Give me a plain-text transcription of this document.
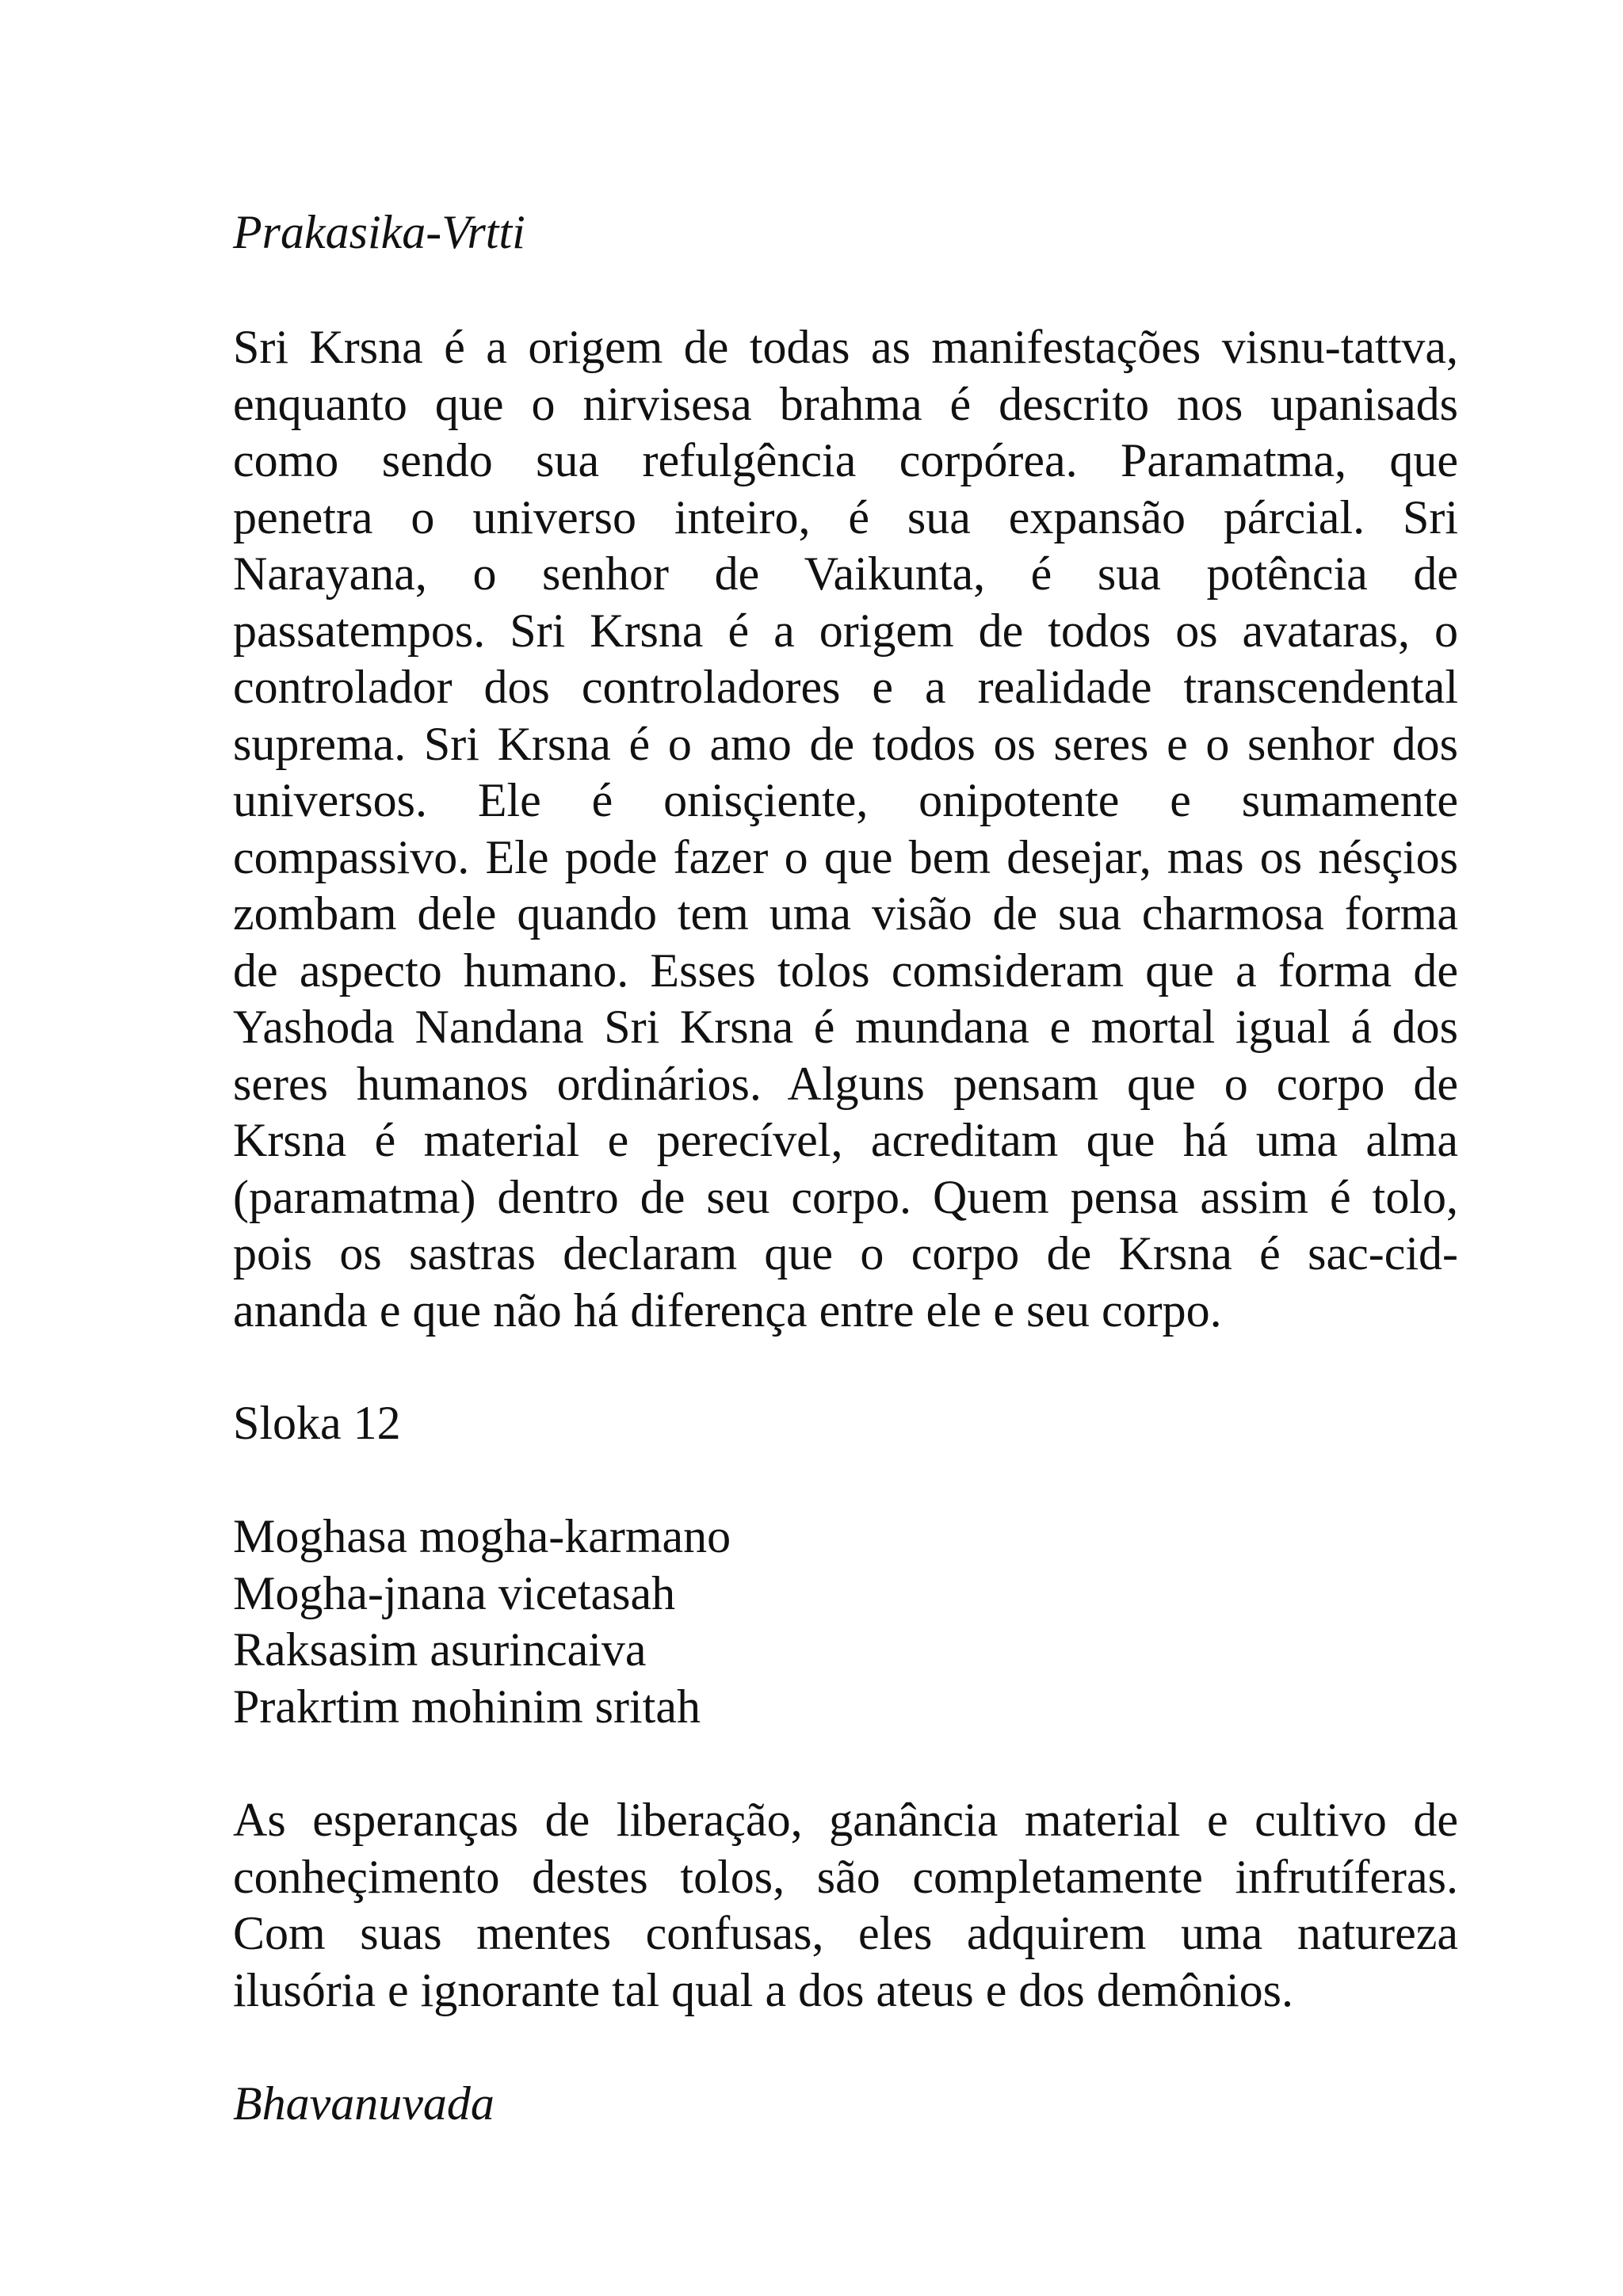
Prakasika-Vrtti

Sri Krsna é a origem de todas as manifestações visnu-tattva,
enquanto que o nirvisesa brahma é descrito nos upanisads
como sendo sua refulgência corpórea. Paramatma, que
penetra o universo inteiro, é sua expansão párcial. Sri
Narayana, o senhor de Vaikunta, é sua potência de
passatempos. Sri Krsna é a origem de todos os avataras, o
controlador dos controladores e a realidade transcendental
suprema. Sri Krsna é o amo de todos os seres e o senhor dos
universos. Ele é onisçiente, onipotente e sumamente
compassivo. Ele pode fazer o que bem desejar, mas os nésçios
zombam dele quando tem uma visão de sua charmosa forma
de aspecto humano. Esses tolos comsideram que a forma de
Yashoda Nandana Sri Krsna é mundana e mortal igual á dos
seres humanos ordinários. Alguns pensam que o corpo de
Krsna é material e perecível, acreditam que há uma alma
(paramatma) dentro de seu corpo. Quem pensa assim é tolo,
pois os sastras declaram que o corpo de Krsna é sac-cid-
ananda e que não há diferença entre ele e seu corpo.

Sloka 12

Moghasa mogha-karmano
Mogha-jnana vicetasah
Raksasim asurincaiva
Prakrtim mohinim sritah
As esperanças de liberação, ganância material e cultivo de
conheçimento destes tolos, são completamente infrutíferas.
Com suas mentes confusas, eles adquirem uma natureza
ilusória e ignorante tal qual a dos ateus e dos demônios.

Bhavanuvada
